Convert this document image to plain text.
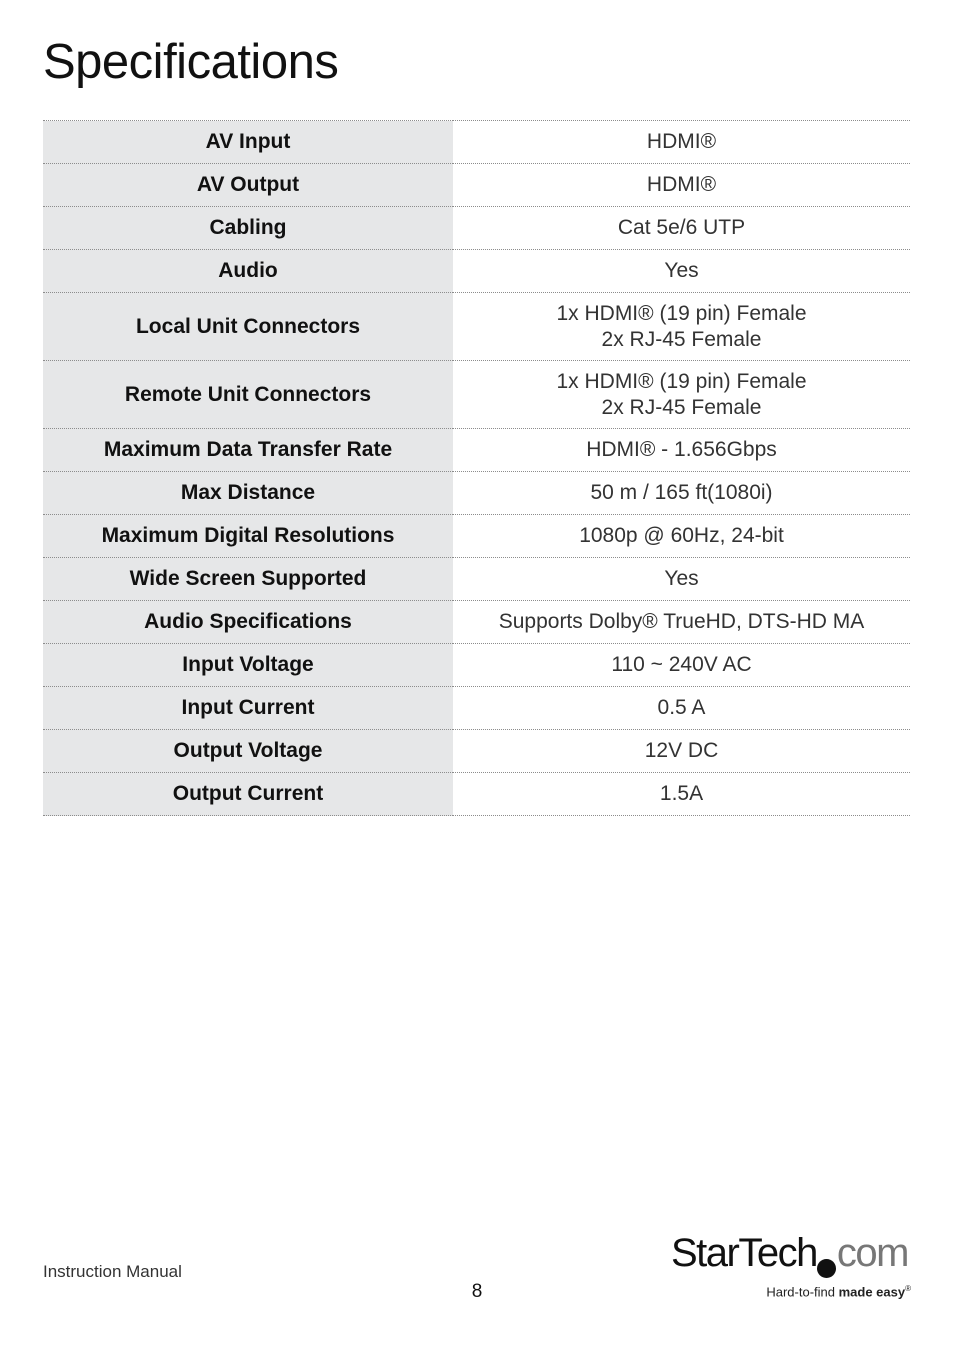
Specifications
AV Input	HDMI®

AV Output	HDMI®

Cabling	Cat 5e/6 UTP

Audio	Yes

Local Unit Connectors	1x HDMI® (19 pin) Female
2x RJ-45 Female

Remote Unit Connectors	1x HDMI® (19 pin) Female
2x RJ-45 Female

Maximum Data Transfer Rate	HDMI® - 1.656Gbps

Max Distance	50 m / 165 ft(1080i)

Maximum Digital Resolutions	1080p @ 60Hz, 24-bit

Wide Screen Supported	Yes

Audio Specifications	Supports Dolby® TrueHD, DTS-HD MA

Input Voltage	110 ~ 240V AC

Input Current	0.5 A

Output Voltage	12V DC

Output Current	1.5A
Instruction Manual
8
StarTech com
Hard-to-find made easy®
